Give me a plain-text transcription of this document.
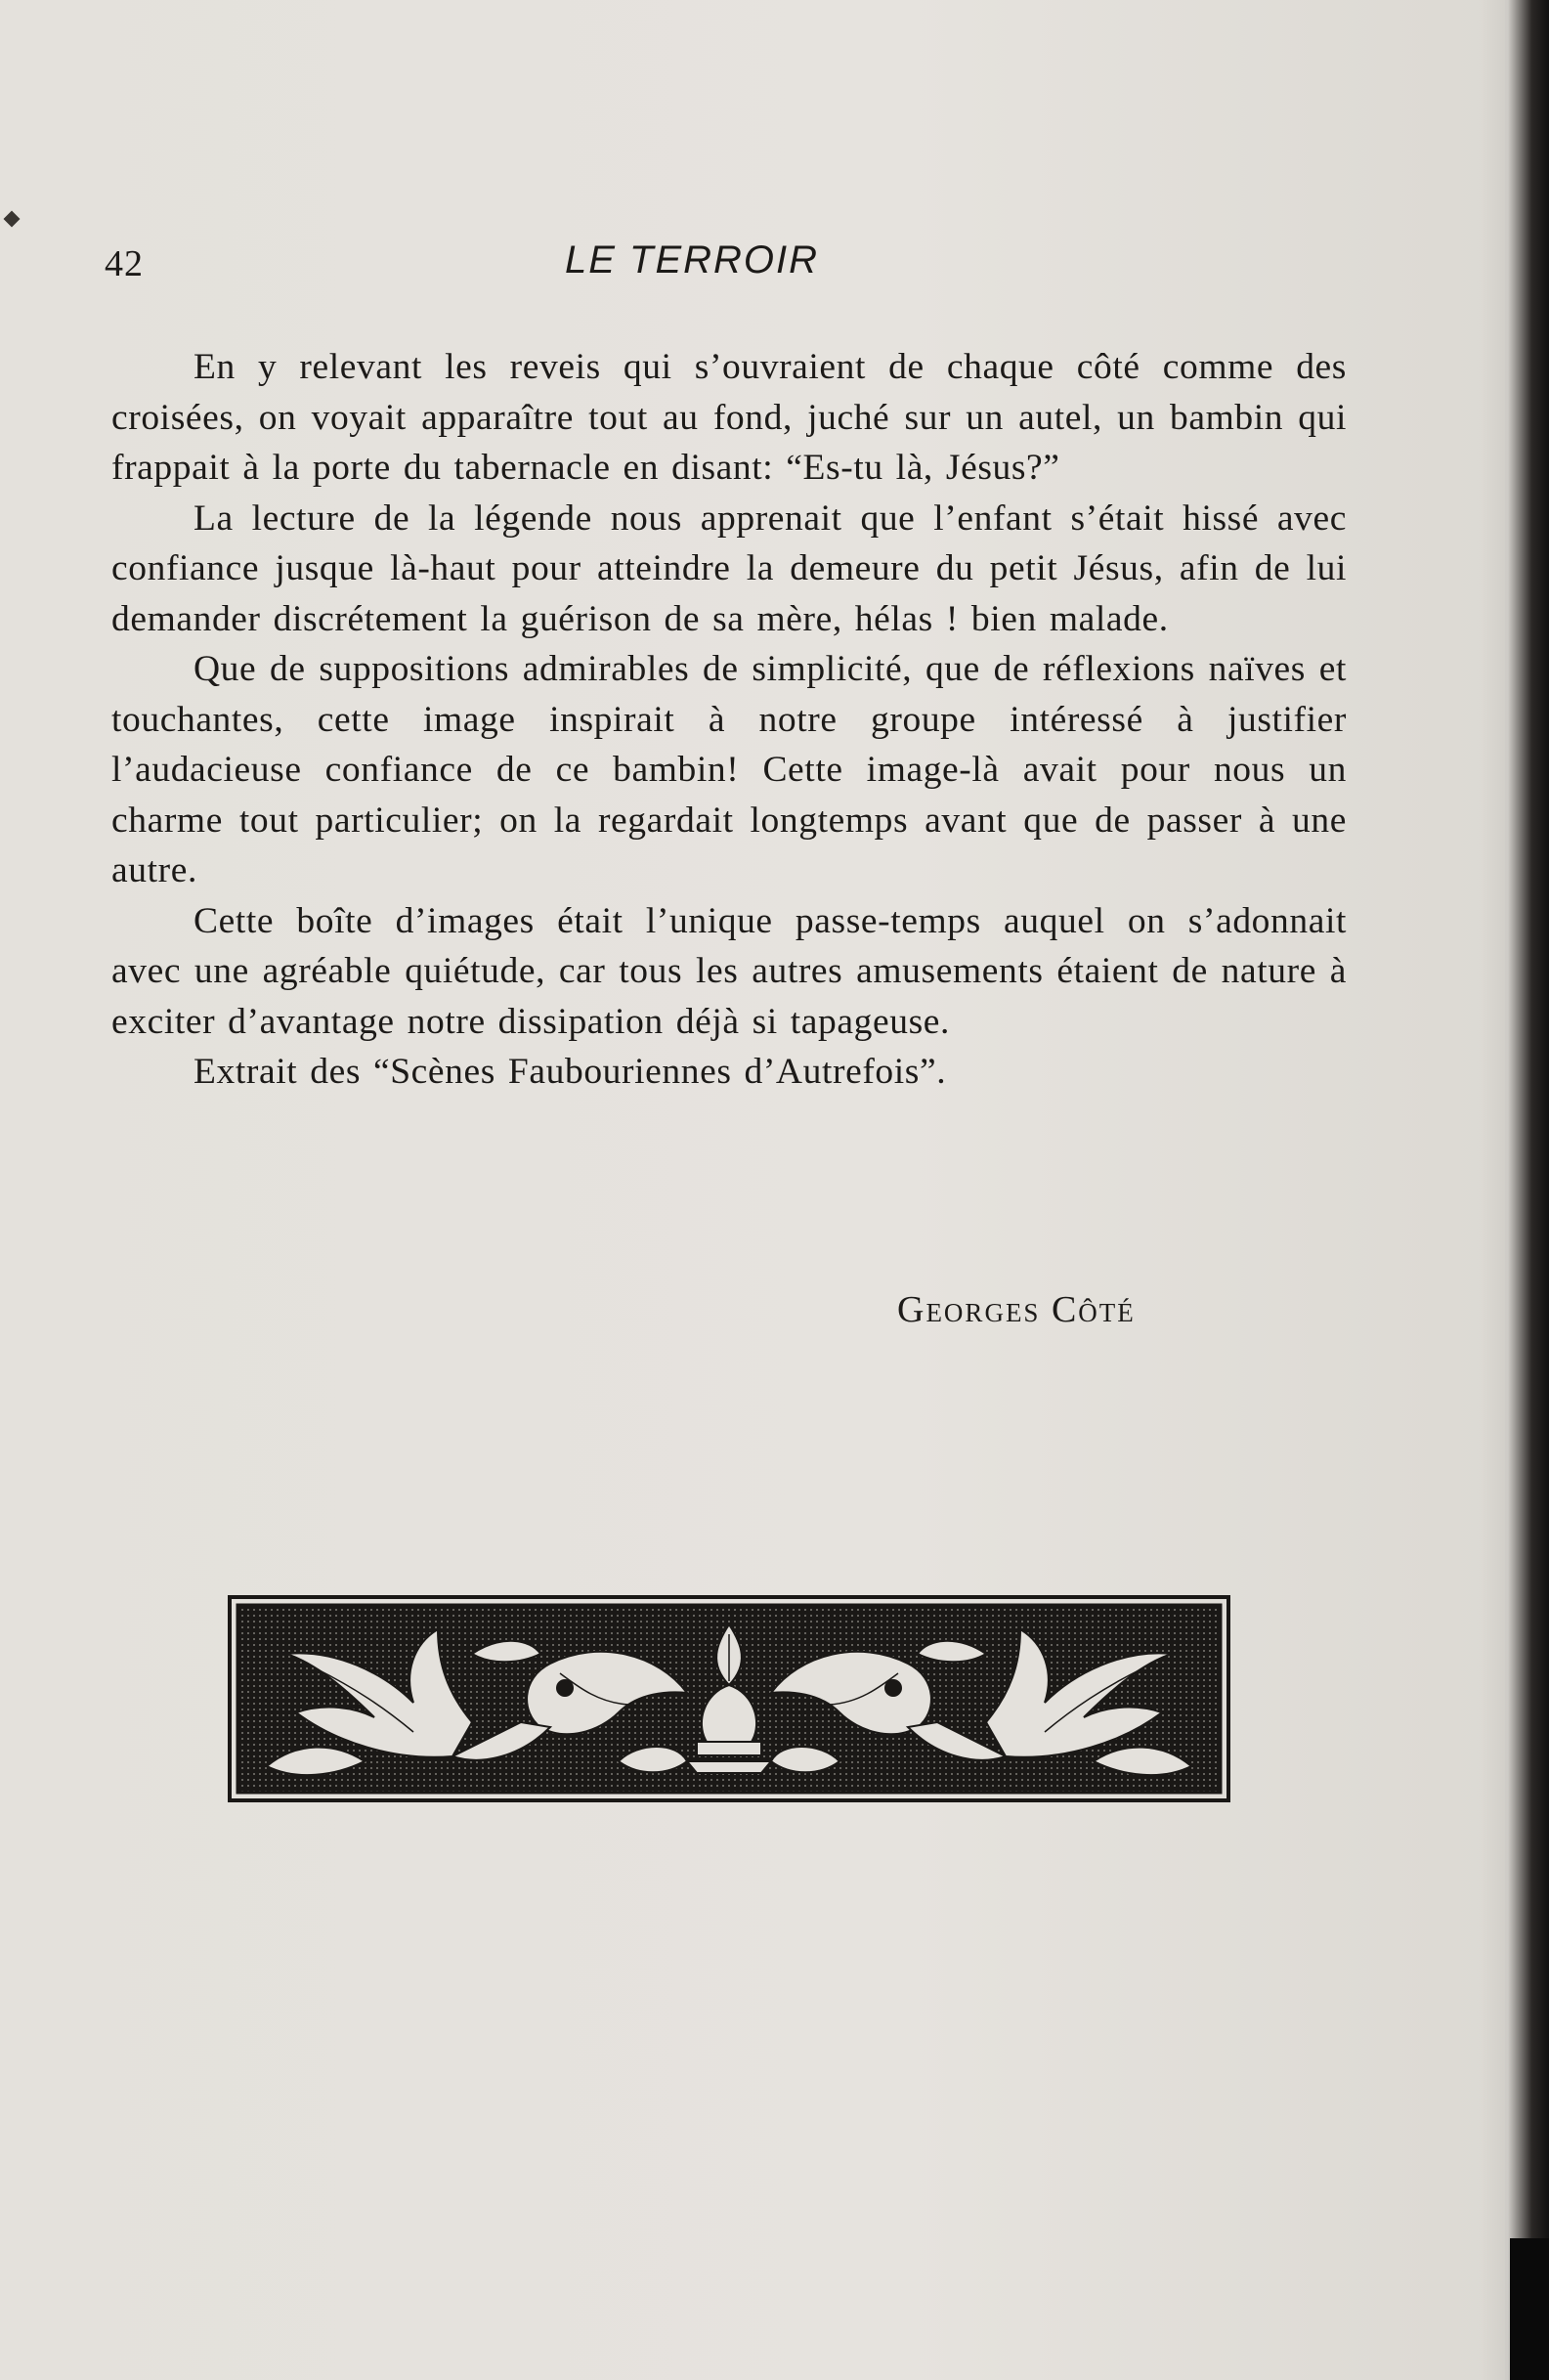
42	LE TERROIR

En y relevant les reveis qui s’ouvraient de chaque côté comme des croisées, on voyait apparaître tout au fond, juché sur un autel, un bambin qui frappait à la porte du tabernacle en disant: “Es-tu là, Jésus?”

La lecture de la légende nous apprenait que l’enfant s’était hissé avec confiance jusque là-haut pour atteindre la demeure du petit Jésus, afin de lui demander discrétement la guérison de sa mère, hélas ! bien malade.

Que de suppositions admirables de simplicité, que de réflexions naïves et touchantes, cette image inspirait à notre groupe intéressé à justifier l’audacieuse confiance de ce bambin! Cette image-là avait pour nous un charme tout particulier; on la regardait longtemps avant que de passer à une autre.

Cette boîte d’images était l’unique passe-temps auquel on s’adonnait avec une agréable quiétude, car tous les autres amusements étaient de nature à exciter d’avantage notre dissipation déjà si tapageuse.

Extrait des “Scènes Faubouriennes d’Autrefois”.

Georges Côté
